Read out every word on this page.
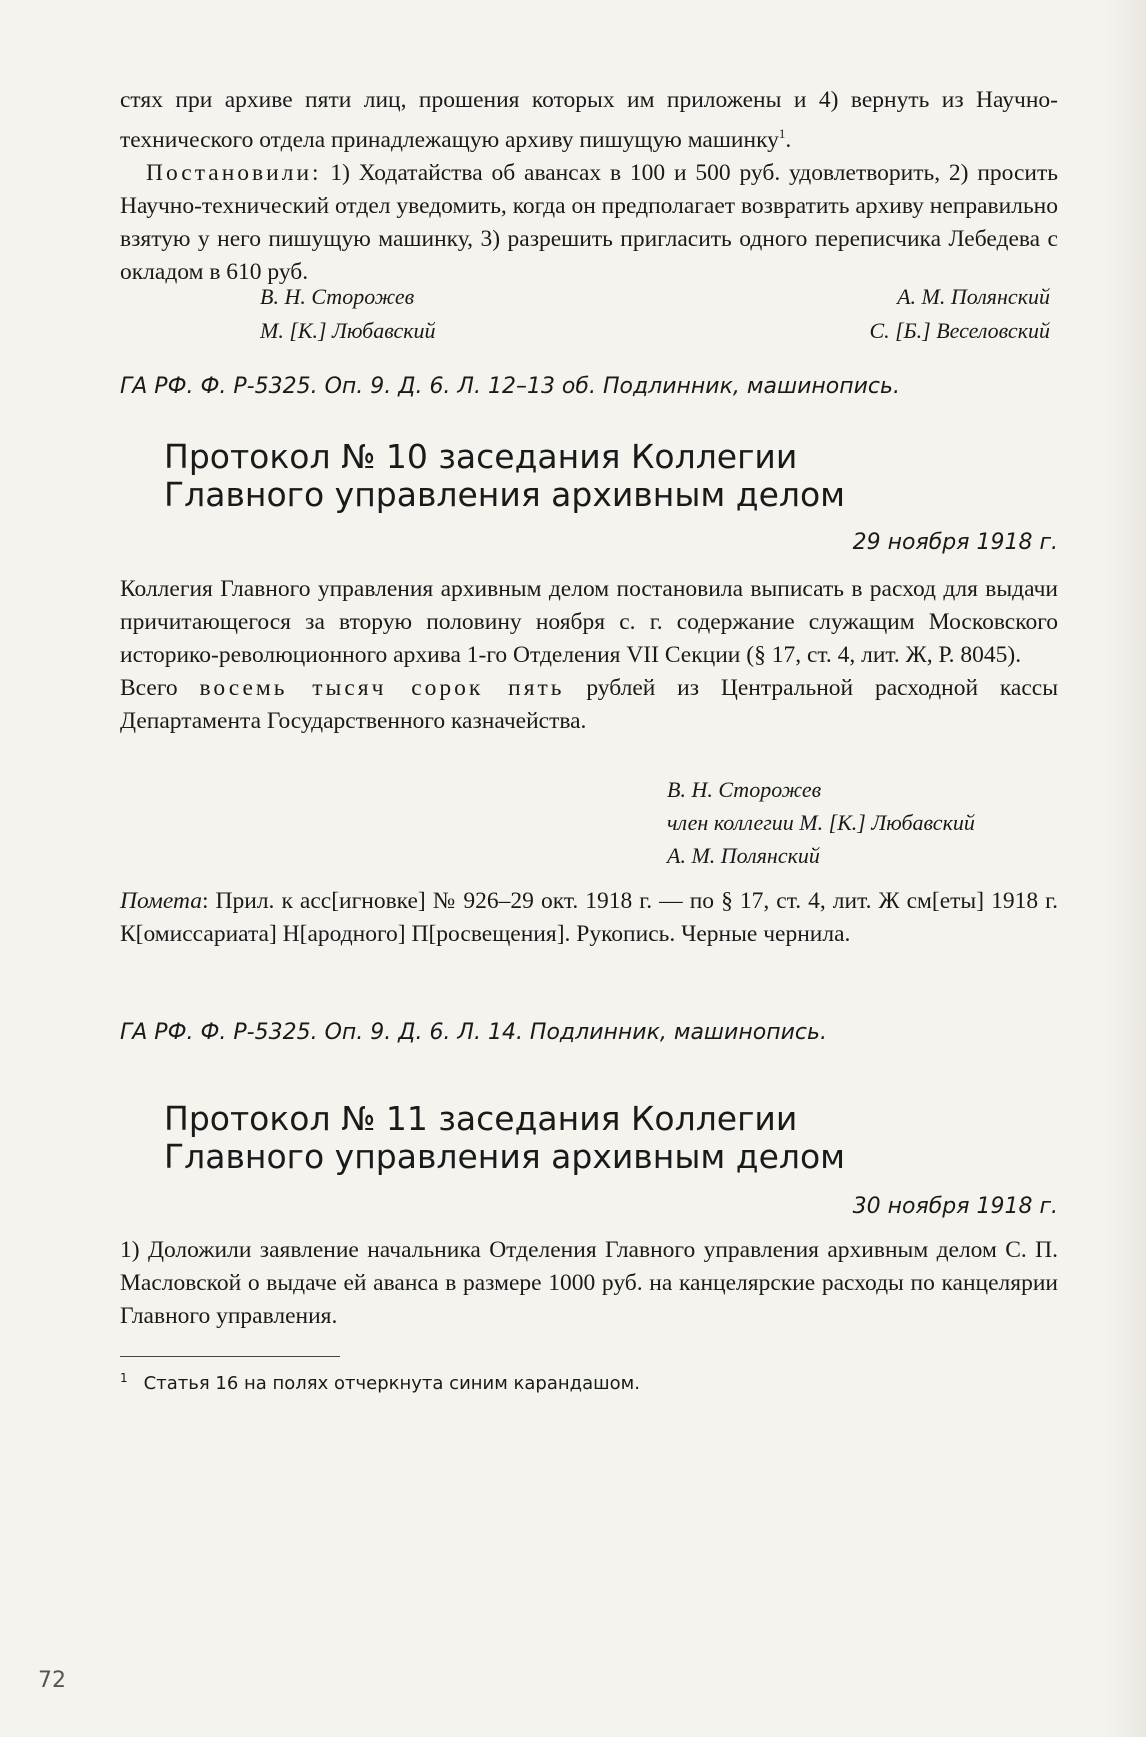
стях при архиве пяти лиц, прошения которых им приложены и 4) вернуть из Научно-технического отдела принадлежащую архиву пишущую машинку$^1$.

Постановили: 1) Ходатайства об авансах в 100 и 500 руб. удовлетворить, 2) просить Научно-технический отдел уведомить, когда он предполагает возвратить архиву неправильно взятую у него пишущую машинку, 3) разрешить пригласить одного переписчика Лебедева с окладом в 610 руб.

В. Н. Сторожев	А. М. Полянский
М. [К.] Любавский	С. [Б.] Веселовский
ГА РФ. Ф. Р-5325. Оп. 9. Д. 6. Л. 12–13 об. Подлинник, машинопись.
Протокол № 10 заседания Коллегии
Главного управления архивным делом
29 ноября 1918 г.

Коллегия Главного управления архивным делом постановила выписать в расход для выдачи причитающегося за вторую половину ноября с. г. содержание служащим Московского историко-революционного архива 1-го Отделения VII Секции (§ 17, ст. 4, лит. Ж, Р. 8045).

Всего восемь тысяч сорок пять рублей из Центральной расходной кассы Департамента Государственного казначейства.

В. Н. Сторожев
член коллегии М. [К.] Любавский
А. М. Полянский

Помета: Прил. к асс[игновке] № 926–29 окт. 1918 г. — по § 17, ст. 4, лит. Ж см[еты] 1918 г. К[омиссариата] Н[ародного] П[росвещения]. Рукопись. Черные чернила.

ГА РФ. Ф. Р-5325. Оп. 9. Д. 6. Л. 14. Подлинник, машинопись.
Протокол № 11 заседания Коллегии
Главного управления архивным делом
30 ноября 1918 г.

1) Доложили заявление начальника Отделения Главного управления архивным делом С. П. Масловской о выдаче ей аванса в размере 1000 руб. на канцелярские расходы по канцелярии Главного управления.

$^1$ Статья 16 на полях отчеркнута синим карандашом.
72
